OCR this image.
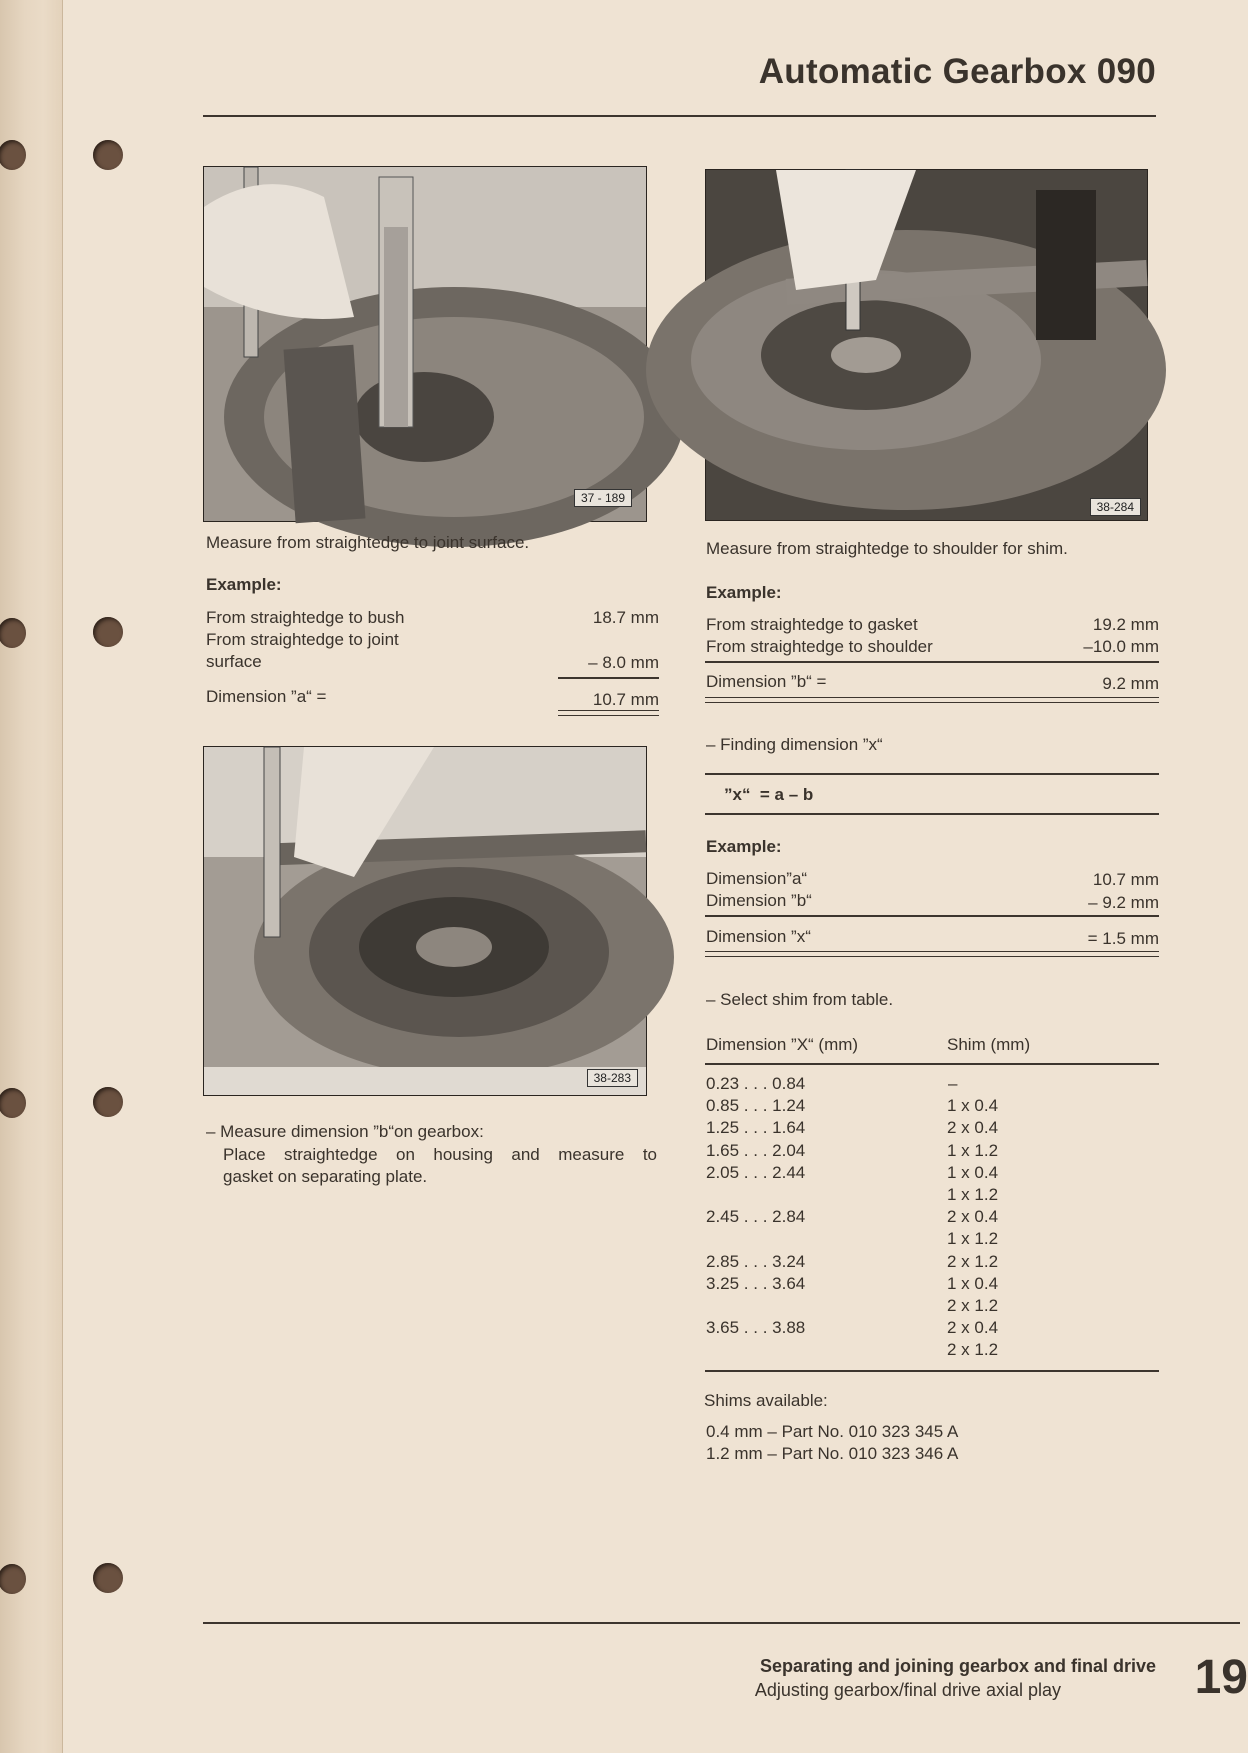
Automatic Gearbox 090
37 - 189
Measure from straightedge to joint surface.
Example:
From straightedge to bush	18.7 mm
From straightedge to joint
surface	– 8.0 mm
Dimension ”a“ =	10.7 mm
38-283
– Measure dimension ”b“on gearbox:
Place straightedge on housing and measure to
gasket on separating plate.
38-284
Measure from straightedge to shoulder for shim.
Example:
From straightedge to gasket	19.2 mm
From straightedge to shoulder	–10.0 mm
Dimension ”b“ =	9.2 mm
– Finding dimension ”x“
”x“  = a – b
Example:
Dimension”a“	10.7 mm
Dimension ”b“	– 9.2 mm
Dimension ”x“	= 1.5 mm
– Select shim from table.
Dimension ”X“ (mm)	Shim (mm)
0.23 . . . 0.84	–
0.85 . . . 1.24	1 x 0.4
1.25 . . . 1.64	2 x 0.4
1.65 . . . 2.04	1 x 1.2
2.05 . . . 2.44	1 x 0.4
	1 x 1.2
2.45 . . . 2.84	2 x 0.4
	1 x 1.2
2.85 . . . 3.24	2 x 1.2
3.25 . . . 3.64	1 x 0.4
	2 x 1.2
3.65 . . . 3.88	2 x 0.4
	2 x 1.2
Shims available:
0.4 mm – Part No. 010 323 345 A
1.2 mm – Part No. 010 323 346 A
Separating and joining gearbox and final drive
Adjusting gearbox/final drive axial play	19
